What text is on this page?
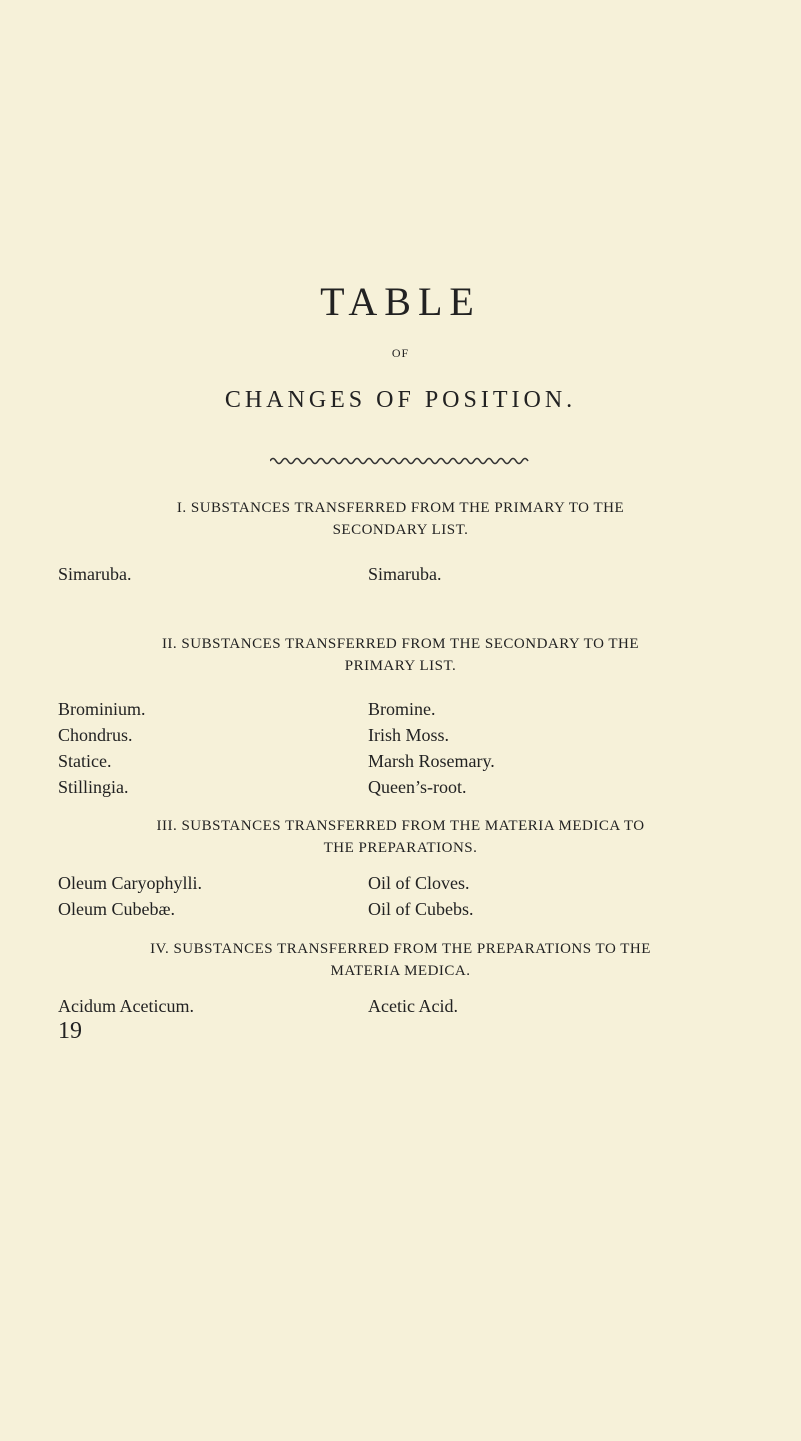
TABLE
OF
CHANGES OF POSITION.
I. SUBSTANCES TRANSFERRED FROM THE PRIMARY TO THE
SECONDARY LIST.
Simaruba.	Simaruba.
II. SUBSTANCES TRANSFERRED FROM THE SECONDARY TO THE
PRIMARY LIST.
Brominium.	Bromine.
Chondrus.	Irish Moss.
Statice.	Marsh Rosemary.
Stillingia.	Queen’s-root.
III. SUBSTANCES TRANSFERRED FROM THE MATERIA MEDICA TO
THE PREPARATIONS.
Oleum Caryophylli.	Oil of Cloves.
Oleum Cubebæ.	Oil of Cubebs.
IV. SUBSTANCES TRANSFERRED FROM THE PREPARATIONS TO THE
MATERIA MEDICA.
Acidum Aceticum.	Acetic Acid.
19
